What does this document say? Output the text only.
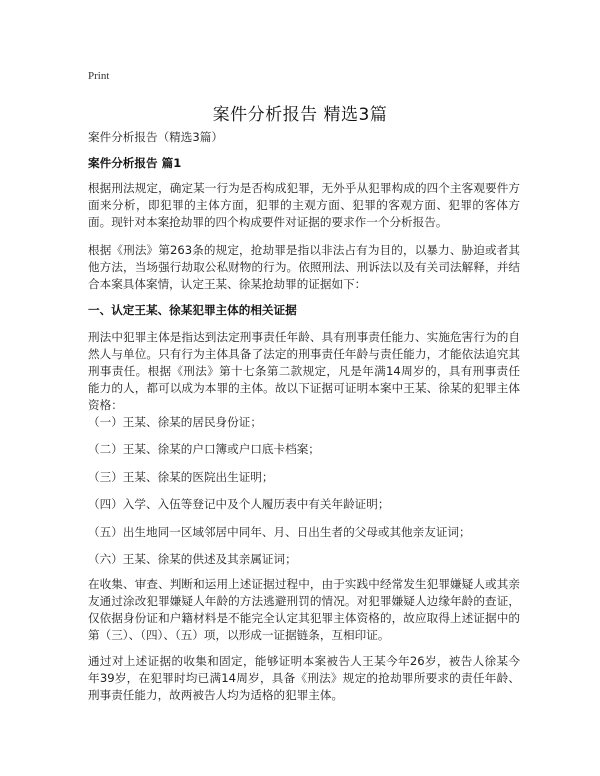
Print
案件分析报告 精选3篇
案件分析报告（精选3篇）
案件分析报告 篇1
根据刑法规定，确定某一行为是否构成犯罪，无外乎从犯罪构成的四个主客观要件方面来分析，即犯罪的主体方面，犯罪的主观方面、犯罪的客观方面、犯罪的客体方面。现针对本案抢劫罪的四个构成要件对证据的要求作一个分析报告。
根据《刑法》第263条的规定，抢劫罪是指以非法占有为目的，以暴力、胁迫或者其他方法，当场强行劫取公私财物的行为。依照刑法、刑诉法以及有关司法解释，并结合本案具体案情，认定王某、徐某抢劫罪的证据如下：
一、认定王某、徐某犯罪主体的相关证据
刑法中犯罪主体是指达到法定刑事责任年龄、具有刑事责任能力、实施危害行为的自然人与单位。只有行为主体具备了法定的刑事责任年龄与责任能力，才能依法追究其刑事责任。根据《刑法》第十七条第二款规定，凡是年满14周岁的，具有刑事责任能力的人，都可以成为本罪的主体。故以下证据可证明本案中王某、徐某的犯罪主体资格：
（一）王某、徐某的居民身份证；
（二）王某、徐某的户口簿或户口底卡档案；
（三）王某、徐某的医院出生证明；
（四）入学、入伍等登记中及个人履历表中有关年龄证明；
（五）出生地同一区域邻居中同年、月、日出生者的父母或其他亲友证词；
（六）王某、徐某的供述及其亲属证词；
在收集、审查、判断和运用上述证据过程中，由于实践中经常发生犯罪嫌疑人或其亲友通过涂改犯罪嫌疑人年龄的方法逃避刑罚的情况。对犯罪嫌疑人边缘年龄的查证，仅依据身份证和户籍材料是不能完全认定其犯罪主体资格的，故应取得上述证据中的第（三）、（四）、（五）项，以形成一证据链条，互相印证。
通过对上述证据的收集和固定，能够证明本案被告人王某今年26岁，被告人徐某今年39岁，在犯罪时均已满14周岁，具备《刑法》规定的抢劫罪所要求的责任年龄、刑事责任能力，故两被告人均为适格的犯罪主体。
